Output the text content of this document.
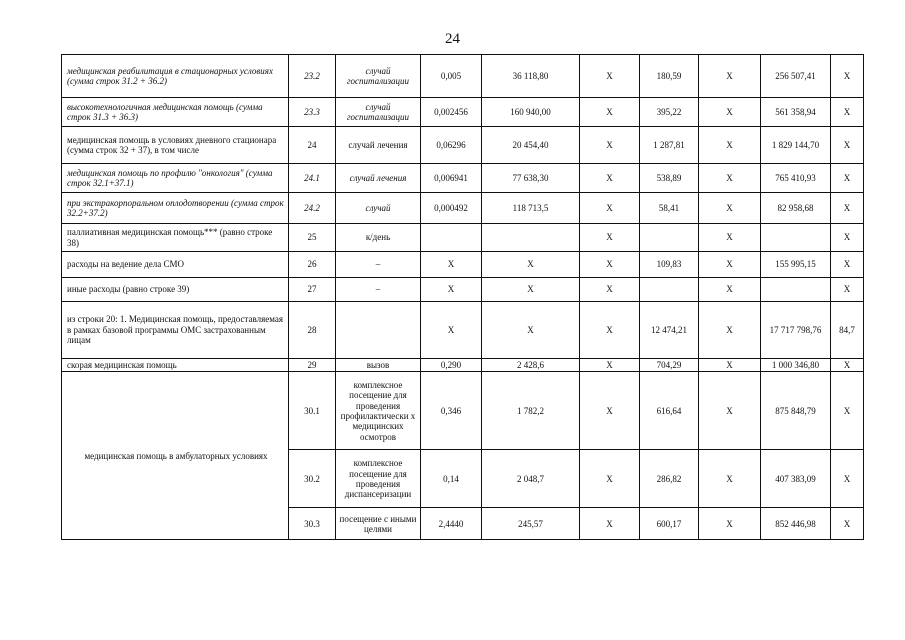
24
медицинская реабилитация в стационарных условиях (сумма строк 31.2 + 36.2)	23.2	случай госпитализации	0,005	36 118,80	X	180,59	X	256 507,41	X
высокотехнологичная медицинская помощь (сумма строк 31.3 + 36.3)	23.3	случай госпитализации	0,002456	160 940,00	X	395,22	X	561 358,94	X
медицинская помощь в условиях дневного стационара (сумма строк 32 + 37), в том числе	24	случай лечения	0,06296	20 454,40	X	1 287,81	X	1 829 144,70	X
медицинская помощь по профилю "онкология" (сумма строк 32.1+37.1)	24.1	случай лечения	0,006941	77 638,30	X	538,89	X	765 410,93	X
при экстракорпоральном оплодотворении (сумма строк 32.2+37.2)	24.2	случай	0,000492	118 713,5	X	58,41	X	82 958,68	X
паллиативная медицинская помощь*** (равно строке 38)	25	к/день			X		X		X
расходы на ведение дела СМО	26	–	X	X	X	109,83	X	155 995,15	X
иные расходы (равно строке 39)	27	–	X	X	X		X		X
из строки 20: 1. Медицинская помощь, предоставляемая в рамках базовой программы ОМС застрахованным лицам	28		X	X	X	12 474,21	X	17 717 798,76	84,7
скорая медицинская помощь	29	вызов	0,290	2 428,6	X	704,29	X	1 000 346,80	X
медицинская помощь в амбулаторных условиях	30.1	комплексное посещение для проведения профилактически х медицинских осмотров	0,346	1 782,2	X	616,64	X	875 848,79	X
	30.2	комплексное посещение для проведения диспансеризации	0,14	2 048,7	X	286,82	X	407 383,09	X
	30.3	посещение с иными целями	2,4440	245,57	X	600,17	X	852 446,98	X
